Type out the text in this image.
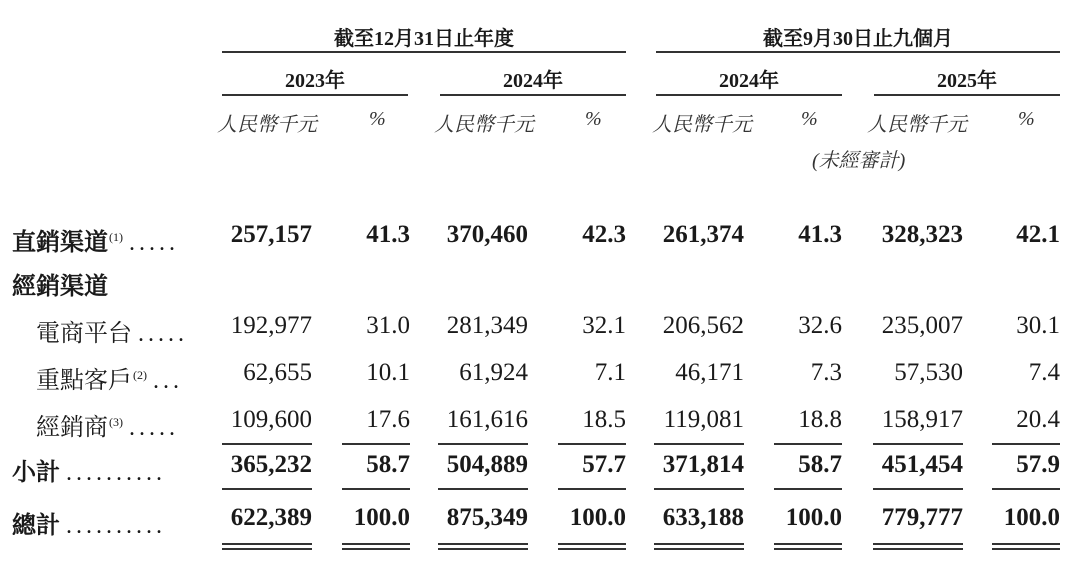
截至12月31日止年度	截至9月30日止九個月
2023年	2024年	2024年	2025年
人民幣千元	% 人民幣千元	%	人民幣千元 % 人民幣千元	%
(未經審計)
直銷渠道$^{(1)}$ ..... 257,157 41.3 370,460 42.3 261,374 41.3 328,323 42.1
經銷渠道
電商平台 ..... 192,977 31.0 281,349 32.1 206,562 32.6 235,007 30.1
重點客戶$^{(2)}$ ... 62,655 10.1 61,924	7.1 46,171	7.3 57,530	7.4
經銷商$^{(3)}$ ..... 109,600 17.6 161,616 18.5 119,081 18.8 158,917 20.4
小計 ..........	365,232 58.7 504,889 57.7 371,814 58.7 451,454 57.9
總計 ..........	622,389 100.0 875,349 100.0 633,188 100.0 779,777 100.0
